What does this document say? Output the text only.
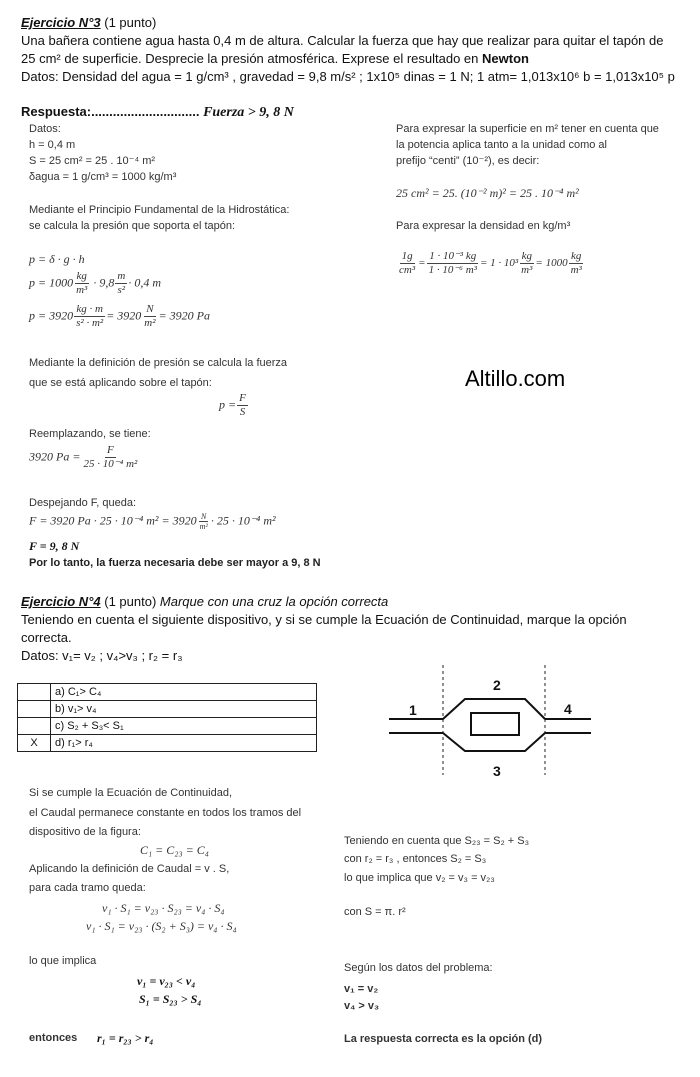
Ejercicio N°3 (1 punto)
Una bañera contiene agua hasta 0,4 m de altura. Calcular la fuerza que hay que realizar para quitar el tapón de
25 cm² de superficie. Desprecie la presión atmosférica. Exprese el resultado en Newton
Datos: Densidad del agua = 1 g/cm³ , gravedad = 9,8 m/s² ; 1x10⁵ dinas = 1 N; 1 atm= 1,013x10⁶ b = 1,013x10⁵ p
Respuesta:.............................. Fuerza > 9, 8 N
Datos:
h = 0,4 m
S = 25 cm² = 25 . 10⁻⁴ m²
δagua = 1 g/cm³ = 1000 kg/m³
Mediante el Principio Fundamental de la Hidrostática:
se calcula la presión que soporta el tapón:
p = δ · g · h
$p = 1000 \frac{kg}{\text{m³}} \cdot 9,8 \frac{m}{\text{s²}} \cdot 0,4$ m
$p = 3920 \frac{kg \cdot m}{\text{s² · m²}} = 3920 \frac{N}{\text{m²}} = 3920$ Pa
Mediante la definición de presión se calcula la fuerza
que se está aplicando sobre el tapón:
$p = \frac{F}{S}$
Reemplazando, se tiene:
3920 $Pa = \frac{F}{\text{25 · 10⁻⁴ m²}}$
Despejando F, queda:
F = 3920 Pa · 25 · 10⁻⁴ $m^2 = 3920 \frac{N}{\text{m²}} \cdot 25 \cdot 10^{-4}$ m²
F = 9, 8 N
Por lo tanto, la fuerza necesaria debe ser mayor a 9, 8 N
Para expresar la superficie en m² tener en cuenta que
la potencia aplica tanto a la unidad como al
prefijo “centi” (10⁻²), es decir:
25 cm² = 25. (10⁻² m)² = 25 . 10⁻⁴ m²
Para expresar la densidad en kg/m³
$\frac{1g}{\text{cm³}} = \frac{\text{1 · 10⁻³ kg}}{\text{1 · 10⁻⁶ m³}} = 1 \cdot 10^3 \frac{kg}{\text{m³}} = 1000 \frac{kg}{\text{m³}}$
Altillo.com
Ejercicio N°4 (1 punto) Marque con una cruz la opción correcta
Teniendo en cuenta el siguiente dispositivo, y si se cumple la Ecuación de Continuidad, marque la opción
correcta.
Datos: v₁= v₂ ; v₄>v₃ ; r₂ = r₃
	a) C₁> C₄
	b) v₁> v₄
	c) S₂ + S₃< S₁
X	d) r₁> r₄
1
2
3
4
Si se cumple la Ecuación de Continuidad,
el Caudal permanece constante en todos los tramos del
dispositivo de la figura:
C₁ = C₂₃ = C₄
Aplicando la definición de Caudal = v . S,
para cada tramo queda:
v₁ · S₁ = v₂₃ · S₂₃ = v₄ · S₄
v₁ · S₁ = v₂₃ · (S₂ + S₃) = v₄ · S₄
lo que implica
v₁ = v₂₃ < v₄
S₁ = S₂₃ > S₄
entonces r₁ = r₂₃ > r₄
Teniendo en cuenta que S₂₃ = S₂ + S₃
con r₂ = r₃ , entonces S₂ = S₃
lo que implica que v₂ = v₃ = v₂₃
con S = π. r²
Según los datos del problema:
v₁ = v₂
v₄ > v₃
La respuesta correcta es la opción (d)
